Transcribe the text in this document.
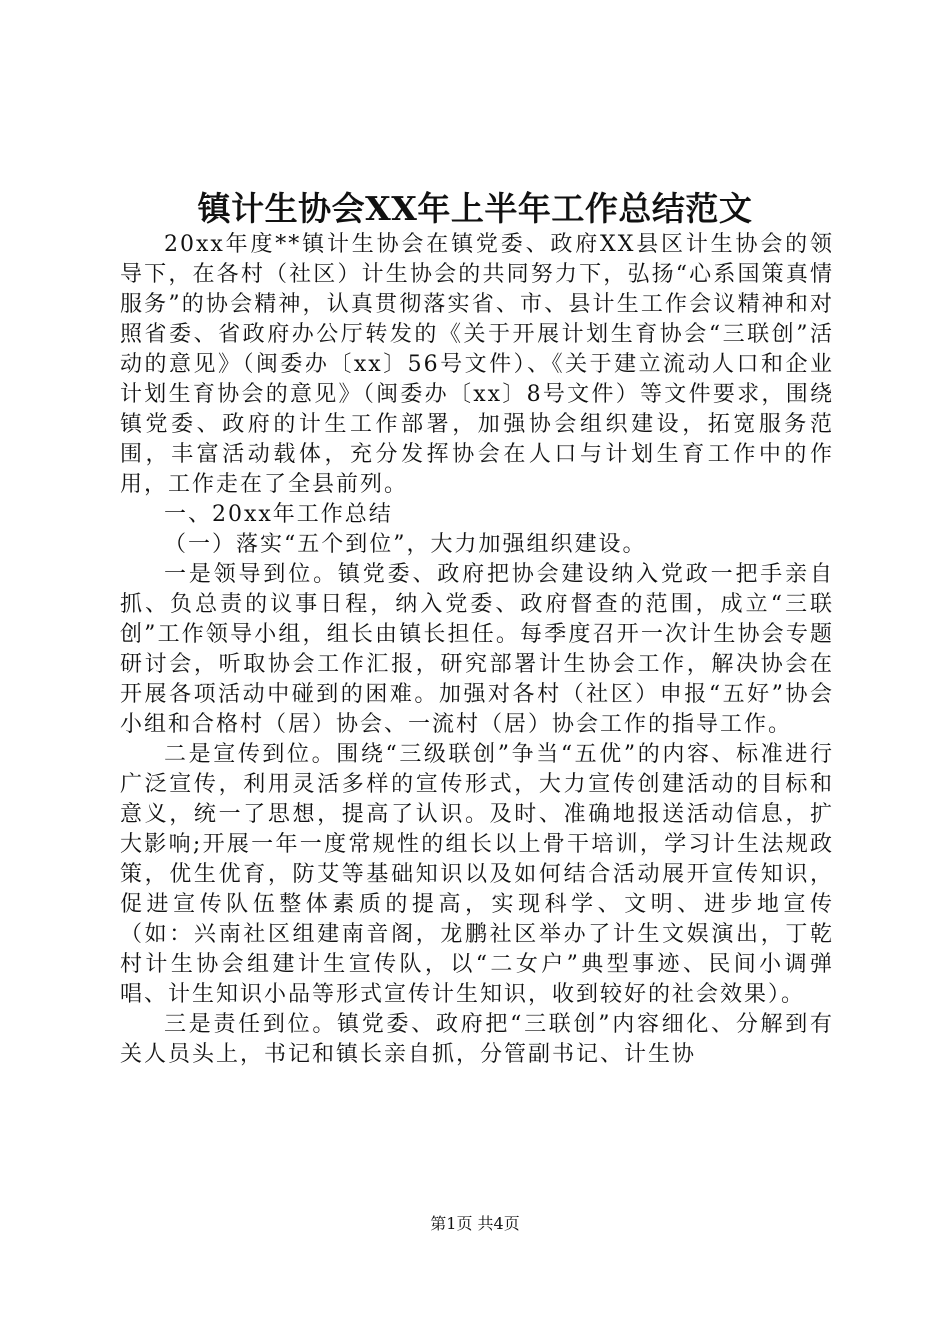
镇计生协会XX年上半年工作总结范文

20xx年度**镇计生协会在镇党委、政府XX县区计生协会的领导下，在各村（社区）计生协会的共同努力下，弘扬“心系国策真情服务”的协会精神，认真贯彻落实省、市、县计生工作会议精神和对照省委、省政府办公厅转发的《关于开展计划生育协会“三联创”活动的意见》（闽委办〔xx〕56号文件）、《关于建立流动人口和企业计划生育协会的意见》（闽委办〔xx〕8号文件）等文件要求，围绕镇党委、政府的计生工作部署，加强协会组织建设，拓宽服务范围，丰富活动载体，充分发挥协会在人口与计划生育工作中的作用，工作走在了全县前列。

一、20xx年工作总结

（一）落实“五个到位”，大力加强组织建设。

一是领导到位。镇党委、政府把协会建设纳入党政一把手亲自抓、负总责的议事日程，纳入党委、政府督查的范围，成立“三联创”工作领导小组，组长由镇长担任。每季度召开一次计生协会专题研讨会，听取协会工作汇报，研究部署计生协会工作，解决协会在开展各项活动中碰到的困难。加强对各村（社区）申报“五好”协会小组和合格村（居）协会、一流村（居）协会工作的指导工作。

二是宣传到位。围绕“三级联创”争当“五优”的内容、标准进行广泛宣传，利用灵活多样的宣传形式，大力宣传创建活动的目标和意义，统一了思想，提高了认识。及时、准确地报送活动信息，扩大影响;开展一年一度常规性的组长以上骨干培训，学习计生法规政策，优生优育，防艾等基础知识以及如何结合活动展开宣传知识，促进宣传队伍整体素质的提高，实现科学、文明、进步地宣传（如：兴南社区组建南音阁，龙鹏社区举办了计生文娱演出，丁乾村计生协会组建计生宣传队，以“二女户”典型事迹、民间小调弹唱、计生知识小品等形式宣传计生知识，收到较好的社会效果）。

三是责任到位。镇党委、政府把“三联创”内容细化、分解到有关人员头上，书记和镇长亲自抓，分管副书记、计生协

第1页 共4页
